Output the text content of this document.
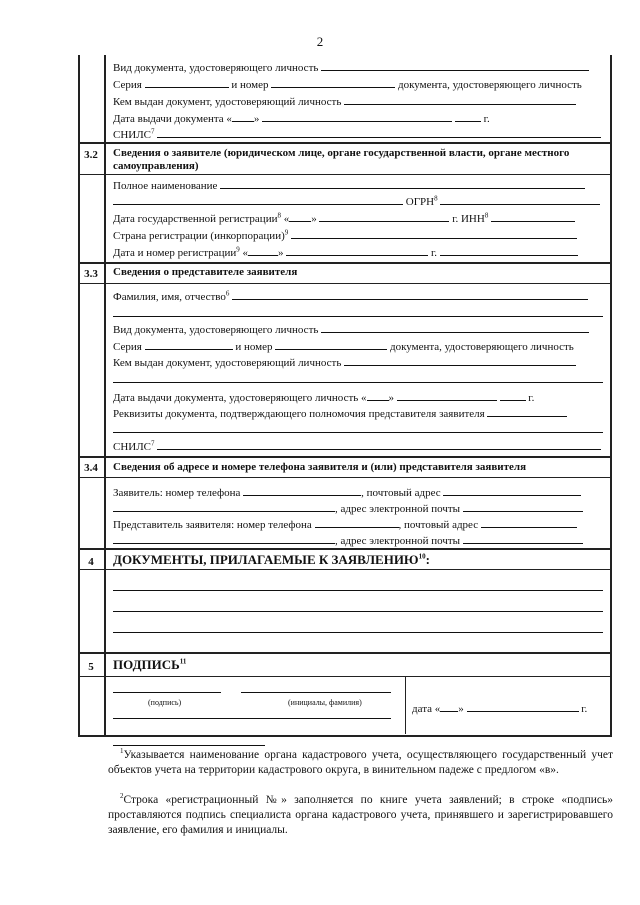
2
Вид документа, удостоверяющего личность
Серия	и номер	документа, удостоверяющего личность
Кем выдан документ, удостоверяющий личность
Дата выдачи документа « »	г.
СНИЛС$^7$
3.2	Сведения о заявителе (юридическом лице, органе государственной власти, органе местного самоуправления)
Полное наименование
ОГРН$^8$
Дата государственной регистрации$^8$ « »	г. ИНН$^8$
Страна регистрации (инкорпорации)$^9$
Дата и номер регистрации$^9$ «	»	г.
3.3	Сведения о представителе заявителя
Фамилия, имя, отчество$^6$
Вид документа, удостоверяющего личность
Серия	и номер	документа, удостоверяющего личность
Кем выдан документ, удостоверяющий личность
Дата выдачи документа, удостоверяющего личность « »	г.
Реквизиты документа, подтверждающего полномочия представителя заявителя
СНИЛС$^7$
3.4	Сведения об адресе и номере телефона заявителя и (или) представителя заявителя
Заявитель: номер телефона	, почтовый адрес
, адрес электронной почты
Представитель заявителя: номер телефона	, почтовый адрес
, адрес электронной почты
4	ДОКУМЕНТЫ, ПРИЛАГАЕМЫЕ К ЗАЯВЛЕНИЮ$^{10}$:
5	ПОДПИСЬ$^{11}$
(подпись)	(инициалы, фамилия)
дата « »	г.
$^1$Указывается наименование органа кадастрового учета, осуществляющего государственный учет объектов учета на территории кадастрового округа, в винительном падеже с предлогом «в».
$^2$Строка «регистрационный №» заполняется по книге учета заявлений; в строке «подпись» проставляются подпись специалиста органа кадастрового учета, принявшего и зарегистрировавшего заявление, его фамилия и инициалы.
